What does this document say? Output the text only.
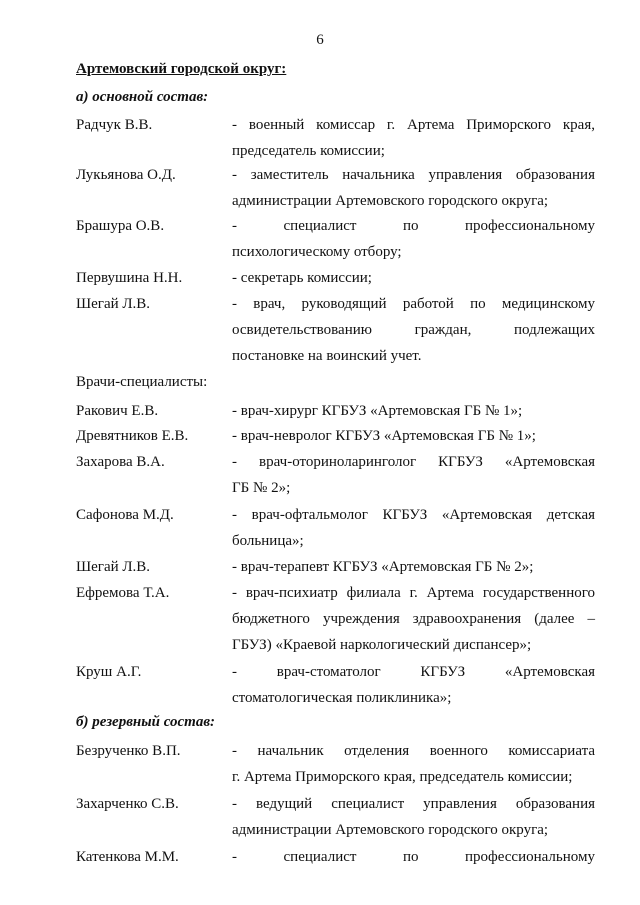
6
Артемовский городской округ:
а) основной состав:
Радчук В.В.	- военный комиссар г. Артема Приморского края,
председатель комиссии;
Лукьянова О.Д.	- заместитель начальника управления образования
администрации Артемовского городского округа;
Брашура О.В.	- специалист по профессиональному
психологическому отбору;
Первушина Н.Н.	- секретарь комиссии;
Шегай Л.В.	- врач, руководящий работой по медицинскому
освидетельствованию граждан, подлежащих
постановке на воинский учет.
Врачи-специалисты:
Ракович Е.В.	- врач-хирург КГБУЗ «Артемовская ГБ № 1»;
Древятников Е.В.	- врач-невролог КГБУЗ «Артемовская ГБ № 1»;
Захарова В.А.	- врач-оториноларинголог КГБУЗ «Артемовская
ГБ № 2»;
Сафонова М.Д.	- врач-офтальмолог КГБУЗ «Артемовская детская
больница»;
Шегай Л.В.	- врач-терапевт КГБУЗ «Артемовская ГБ № 2»;
Ефремова Т.А.	- врач-психиатр филиала г. Артема государственного
бюджетного учреждения здравоохранения (далее –
ГБУЗ) «Краевой наркологический диспансер»;
Круш А.Г.	- врач-стоматолог КГБУЗ «Артемовская
стоматологическая поликлиника»;
б) резервный состав:
Безрученко В.П.	- начальник отделения военного комиссариата
г. Артема Приморского края, председатель комиссии;
Захарченко С.В.	- ведущий специалист управления образования
администрации Артемовского городского округа;
Катенкова М.М.	- специалист по профессиональному
